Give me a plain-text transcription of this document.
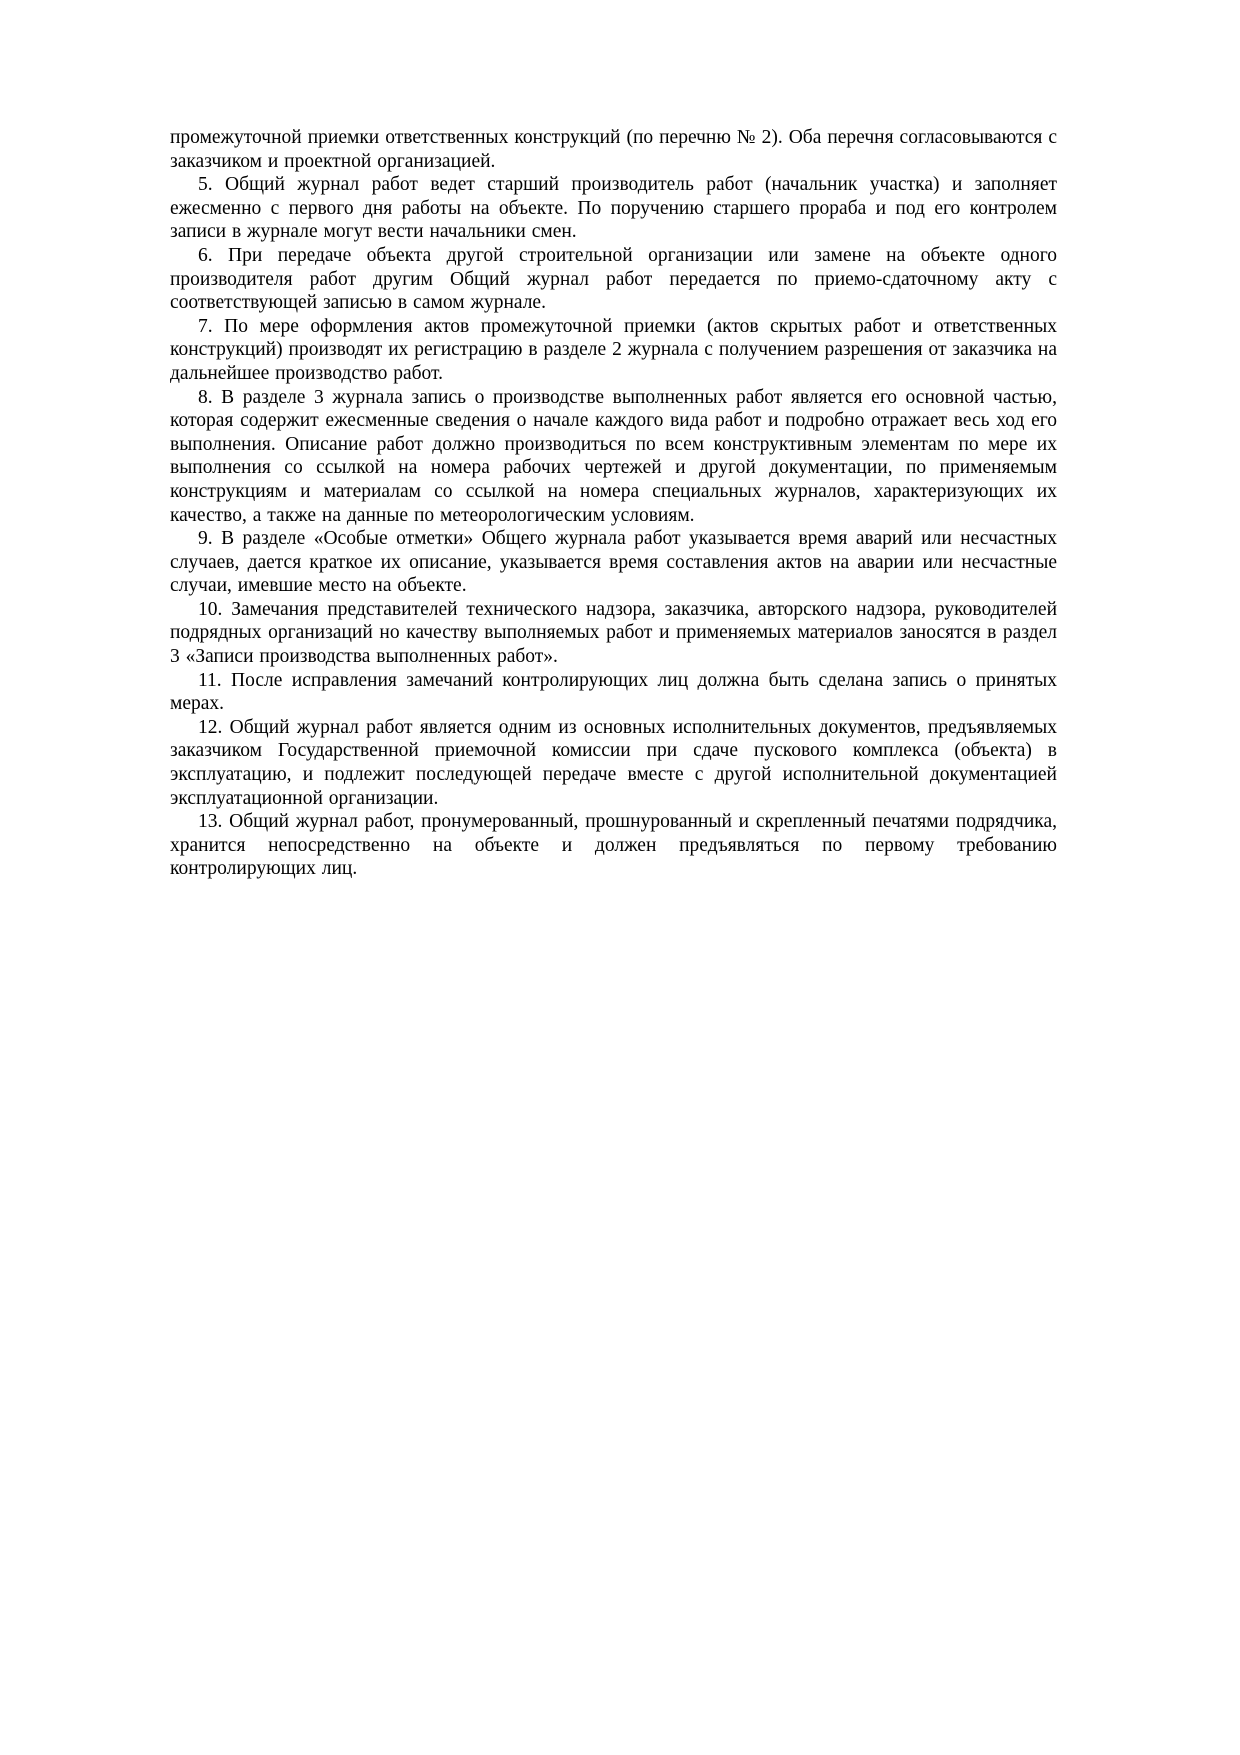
промежуточной приемки ответственных конструкций (по перечню № 2). Оба перечня согласовываются с заказчиком и проектной организацией.

5. Общий журнал работ ведет старший производитель работ (начальник участка) и заполняет ежесменно с первого дня работы на объекте. По поручению старшего прораба и под его контролем записи в журнале могут вести начальники смен.

6. При передаче объекта другой строительной организации или замене на объекте одного производителя работ другим Общий журнал работ передается по приемо-сдаточному акту с соответствующей записью в самом журнале.

7. По мере оформления актов промежуточной приемки (актов скрытых работ и ответственных конструкций) производят их регистрацию в разделе 2 журнала с получением разрешения от заказчика на дальнейшее производство работ.

8. В разделе 3 журнала запись о производстве выполненных работ является его основной частью, которая содержит ежесменные сведения о начале каждого вида работ и подробно отражает весь ход его выполнения. Описание работ должно производиться по всем конструктивным элементам по мере их выполнения со ссылкой на номера рабочих чертежей и другой документации, по применяемым конструкциям и материалам со ссылкой на номера специальных журналов, характеризующих их качество, а также на данные по метеорологическим условиям.

9. В разделе «Особые отметки» Общего журнала работ указывается время аварий или несчастных случаев, дается краткое их описание, указывается время составления актов на аварии или несчастные случаи, имевшие место на объекте.

10. Замечания представителей технического надзора, заказчика, авторского надзора, руководителей подрядных организаций но качеству выполняемых работ и применяемых материалов заносятся в раздел 3 «Записи производства выполненных работ».

11. После исправления замечаний контролирующих лиц должна быть сделана запись о принятых мерах.

12. Общий журнал работ является одним из основных исполнительных документов, предъявляемых заказчиком Государственной приемочной комиссии при сдаче пускового комплекса (объекта) в эксплуатацию, и подлежит последующей передаче вместе с другой исполнительной документацией эксплуатационной организации.

13. Общий журнал работ, пронумерованный, прошнурованный и скрепленный печатями подрядчика, хранится непосредственно на объекте и должен предъявляться по первому требованию контролирующих лиц.
